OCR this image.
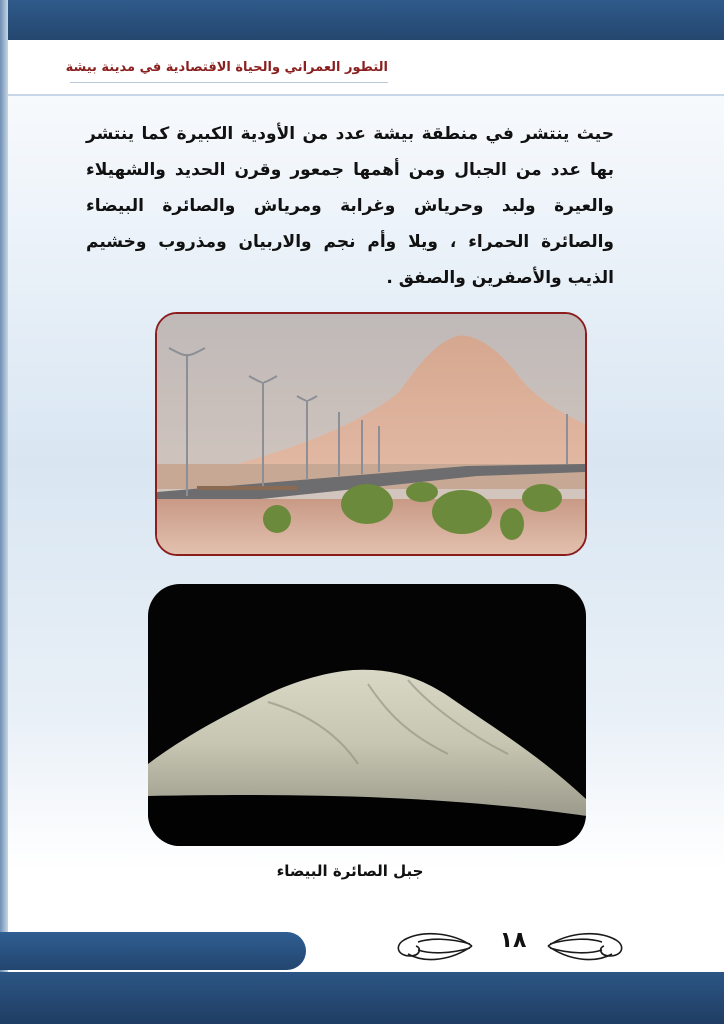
التطور العمراني والحياة الاقتصادية في مدينة بيشة
حيث ينتشر في منطقة بيشة عدد من الأودية الكبيرة كما ينتشر بها عدد من الجبال ومن أهمها جمعور وقرن الحديد والشهيلاء والعيرة ولبد وحرياش وغرابة ومرياش والصائرة البيضاء والصائرة الحمراء ، ويلا وأم نجم والاربيان ومذروب وخشيم الذيب والأصفرين والصفق .
جبل الصائرة البيضاء
١٨
